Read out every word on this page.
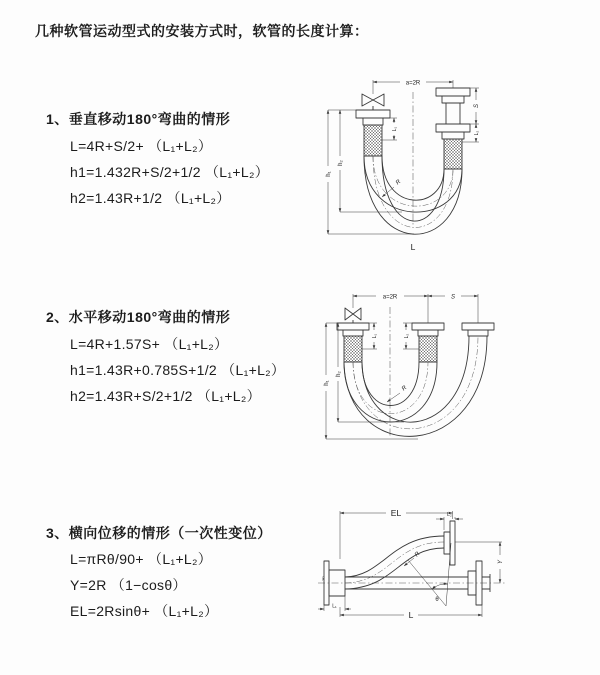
几种软管运动型式的安装方式时，软管的长度计算：
1、垂直移动180°弯曲的情形
L=4R+S/2+ （L₁+L₂）
h1=1.432R+S/2+1/2 （L₁+L₂）
h2=1.43R+1/2 （L₁+L₂）
a=2R
S
L₂
L₁
h₁
h₂
R
L
2、水平移动180°弯曲的情形
L=4R+1.57S+ （L₁+L₂）
h1=1.43R+0.785S+1/2 （L₁+L₂）
h2=1.43R+S/2+1/2 （L₁+L₂）
a=2R	S
L₁	L₂
h₁
h₂
R
3、横向位移的情形（一次性变位）
L=πRθ/90+ （L₁+L₂）
Y=2R （1−cosθ）
EL=2Rsinθ+ （L₁+L₂）
x̄
EL	L₂
Y
θ
R
L₁
L
